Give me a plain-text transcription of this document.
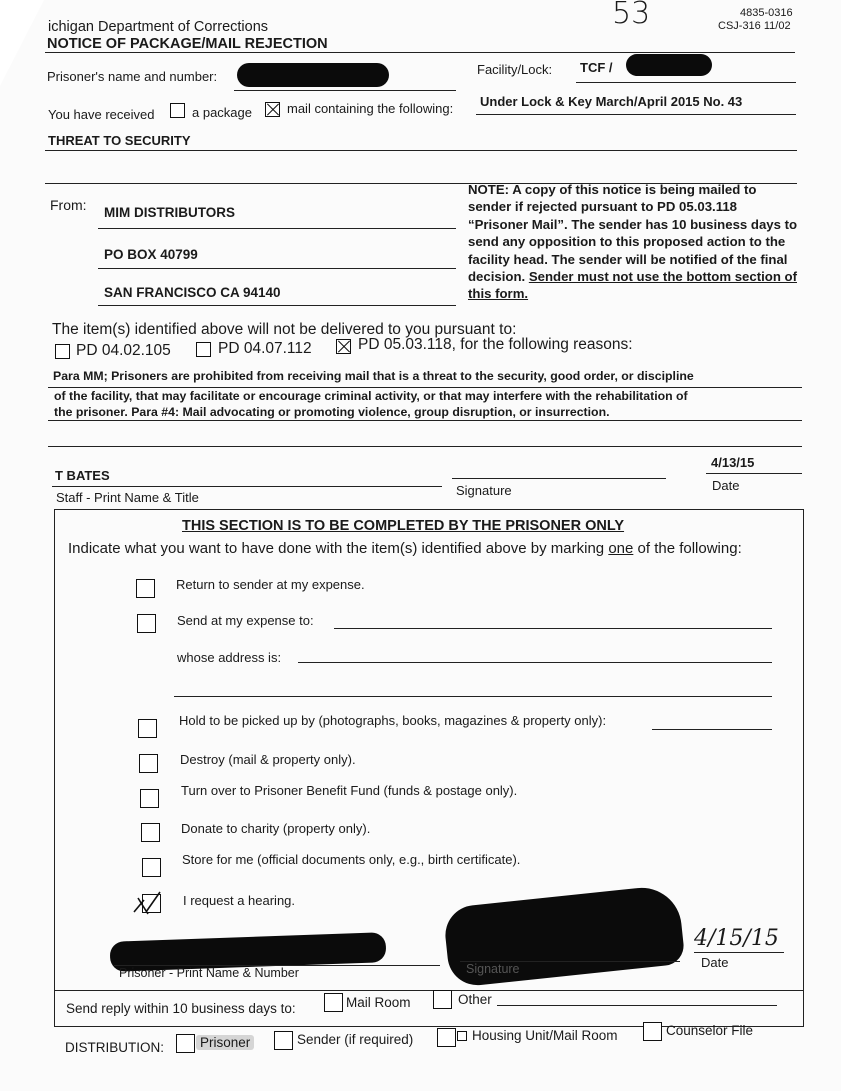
53	4835-0316
CSJ-316 11/02
ichigan Department of Corrections
NOTICE OF PACKAGE/MAIL REJECTION
Prisoner's name and number:	Facility/Lock: TCF /
You have received	a package	mail containing the following: Under Lock & Key March/April 2015 No. 43
THREAT TO SECURITY
From: MIM DISTRIBUTORS
PO BOX 40799
SAN FRANCISCO CA 94140
NOTE: A copy of this notice is being mailed to sender if rejected pursuant to PD 05.03.118 “Prisoner Mail”. The sender has 10 business days to send any opposition to this proposed action to the facility head. The sender will be notified of the final decision. Sender must not use the bottom section of this form.
The item(s) identified above will not be delivered to you pursuant to:
PD 04.02.105	PD 04.07.112	PD 05.03.118, for the following reasons:
Para MM; Prisoners are prohibited from receiving mail that is a threat to the security, good order, or discipline
of the facility, that may facilitate or encourage criminal activity, or that may interfere with the rehabilitation of
the prisoner. Para #4: Mail advocating or promoting violence, group disruption, or insurrection.
T BATES
Staff - Print Name & Title	Signature
4/13/15
Date
THIS SECTION IS TO BE COMPLETED BY THE PRISONER ONLY
Indicate what you want to have done with the item(s) identified above by marking one of the following:
Return to sender at my expense.
Send at my expense to:
whose address is:
Hold to be picked up by (photographs, books, magazines & property only):
Destroy (mail & property only).
Turn over to Prisoner Benefit Fund (funds & postage only).
Donate to charity (property only).
Store for me (official documents only, e.g., birth certificate).
I request a hearing.
Prisoner - Print Name & Number	Signature
4/15/15
Date
Send reply within 10 business days to:	Mail Room	Other
DISTRIBUTION:	Prisoner	Sender (if required)	Housing Unit/Mail Room	Counselor File
